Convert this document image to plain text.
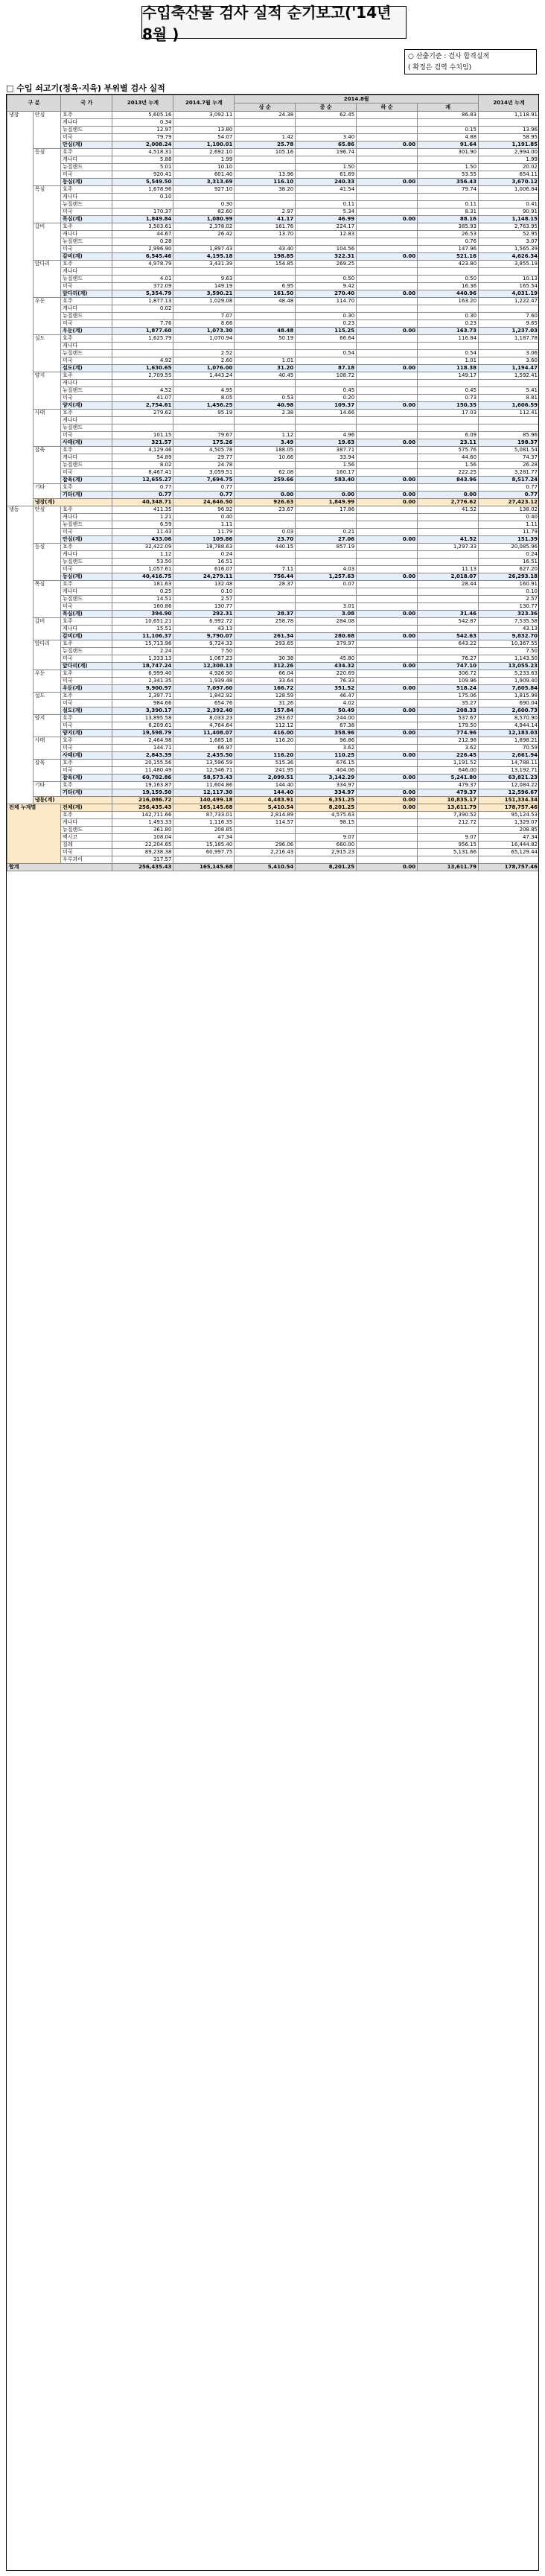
수입축산물 검사 실적 순기보고('14년 8월 )
○ 산출기준 : 검사 합격실적
( 확정은 검역 수치임)
□ 수입 쇠고기(정육·지육) 부위별 검사 실적
구 분		국 가	2013년 누계	2014.7월 누계	2014.8월				2014년 누계
					상 순	중 순	하 순	계	
냉장	안심	호주	5,605.16	3,092.11	24.38	62.45		86.83	1,118.91
		캐나다	0.34						
		뉴질랜드	12.97	13.80				0.15	13.96
		미국	79.79	54.07	1.42	3.40		4.88	58.95
		안심(계)	2,008.24	1,100.01	25.78	65.86	0.00	91.64	1,191.85
	등심	호주	4,518.31	2,692.10	105.16	196.74		301.90	2,994.00
		캐나다	5.88	1.99					1.99
		뉴질랜드	5.01	10.10		1.50		1.50	20.02
		미국	920.41	601.40	13.96	61.69		53.55	654.11
		등심(계)	5,549.50	3,313.69	116.10	240.33	0.00	356.43	3,670.12
	목심	호주	1,678.96	927.10	38.20	41.54		79.74	1,006.84
		캐나다	0.10						
		뉴질랜드		0.30		0.11		0.11	0.41
		미국	170.37	82.60	2.97	5.34		8.31	90.91
		목심(계)	1,849.84	1,080.99	41.17	46.99	0.00	88.16	1,148.15
	갈비	호주	3,503.61	2,378.02	161.76	224.17		385.93	2,763.95
		캐나다	44.67	26.42	13.70	12.83		26.53	52.95
		뉴질랜드	0.28					0.76	3.07
		미국	2,996.90	1,897.43	43.40	104.56		147.96	1,565.39
		갈비(계)	6,545.46	4,195.18	198.85	322.31	0.00	521.16	4,626.34
	앞다리	호주	4,978.79	3,431.39	154.85	269.25		423.80	3,855.19
		캐나다							
		뉴질랜드	4.01	9.63		0.50		0.50	10.13
		미국	372.09	149.19	6.95	9.42		16.36	165.54
		앞다리(계)	5,354.79	3,590.21	161.50	270.40	0.00	440.96	4,031.19
	우둔	호주	1,877.13	1,029.08	48.48	114.70		163.20	1,222.47
		캐나다	0.02						
		뉴질랜드		7.07		0.30		0.30	7.60
		미국	7.76	8.66		0.23		0.23	9.65
		우둔(계)	1,877.60	1,073.30	48.48	115.25	0.00	163.73	1,237.03
	설도	호주	1,625.79	1,070.94	50.19	66.64		116.84	1,187.78
		캐나다							
		뉴질랜드		2.52		0.54		0.54	3.06
		미국	4.92	2.60	1.01			1.01	3.60
		설도(계)	1,630.65	1,076.00	31.20	87.18	0.00	118.38	1,194.47
	양지	호주	2,709.55	1,443.24	40.45	108.72		149.17	1,592.41
		캐나다							
		뉴질랜드	4.52	4.95		0.45		0.45	5.41
		미국	41.07	8.05	0.53	0.20		0.73	8.81
		양지(계)	2,754.61	1,456.25	40.98	109.37	0.00	150.35	1,606.59
	사태	호주	279.62	95.19	2.38	14.66		17.03	112.41
		캐나다							
		뉴질랜드							
		미국	101.15	79.67	1.12	4.96		6.09	85.96
		사태(계)	321.57	175.26	3.49	19.63	0.00	23.11	198.37
	잡육	호주	4,129.46	4,505.78	188.05	387.71		575.76	5,081.54
		캐나다	54.89	29.77	10.66	33.94		44.60	74.37
		뉴질랜드	8.02	24.78		1.56		1.56	26.28
		미국	8,467.41	3,059.51	62.08	160.17		222.25	3,281.77
		잡육(계)	12,655.27	7,694.75	259.66	583.40	0.00	843.96	8,517.24
	기타	호주	0.77	0.77					0.77
		기타(계)	0.77	0.77	0.00	0.00	0.00	0.00	0.77
	냉장(계)		40,348.71	24,646.50	926.63	1,849.99	0.00	2,776.62	27,423.12
냉동	안심	호주	411.35	96.92	23.67	17.86		41.52	138.02
		캐나다	1.21	0.40					0.40
		뉴질랜드	6.59	1.11					1.11
		미국	11.43	11.79	0.03	0.21			11.79
		안심(계)	433.06	109.86	23.70	27.06	0.00	41.52	151.39
	등심	호주	32,422.09	18,788.63	440.15	857.19		1,297.33	20,085.96
		캐나다	1.12	0.24					0.24
		뉴질랜드	53.50	16.51					16.51
		미국	1,057.61	616.07	7.11	4.03		11.13	627.20
		등심(계)	40,416.75	24,279.11	756.44	1,257.63	0.00	2,018.07	26,293.18
	목심	호주	181.63	132.48	28.37	0.07		28.44	160.91
		캐나다	0.25	0.10					0.10
		뉴질랜드	14.51	2.57					2.57
		미국	160.86	130.77		3.01			130.77
		목심(계)	394.90	292.31	28.37	3.08	0.00	31.46	323.36
	갈비	호주	10,651.21	6,992.72	258.78	284.08		542.87	7,535.58
		캐나다	15.51	43.13					43.13
		갈비(계)	11,106.37	9,790.07	261.34	280.68	0.00	542.63	9,832.70
	앞다리	호주	15,713.96	9,724.33	293.65	379.97		643.22	10,367.55
		뉴질랜드	2.24	7.50					7.50
		미국	1,333.13	1,067.23	30.38	45.80		76.27	1,143.50
		앞다리(계)	18,747.24	12,308.13	312.26	434.32	0.00	747.10	13,055.23
	우둔	호주	6,999.40	4,926.90	66.04	220.69		306.72	5,233.63
		미국	2,341.35	1,939.48	33.64	76.33		109.96	1,909.40
		우둔(계)	9,900.97	7,097.60	166.72	351.52	0.00	518.24	7,605.84
	설도	호주	2,397.71	1,842.92	128.59	46.47		175.06	1,815.98
		미국	984.66	654.76	31.26	4.02		35.27	690.04
		설도(계)	3,390.17	2,392.40	157.84	50.49	0.00	208.33	2,600.73
	양지	호주	13,895.58	8,033.23	293.67	244.00		537.67	8,570.90
		미국	6,209.61	4,764.64	112.12	67.38		179.50	4,944.14
		양지(계)	19,598.79	11,408.07	416.00	358.96	0.00	774.96	12,183.03
	사태	호주	2,464.98	1,685.18	116.20	96.86		212.98	1,898.21
		미국	144.71	66.97		3.62		3.62	70.59
		사태(계)	2,843.39	2,435.50	116.20	110.25	0.00	226.45	2,661.94
	잡육	호주	20,155.56	13,596.59	515.36	676.15		1,191.52	14,788.11
		미국	11,480.49	12,546.71	241.95	404.06		646.00	13,192.71
		잡육(계)	60,702.86	58,573.43	2,099.51	3,142.29	0.00	5,241.80	63,821.23
	기타	호주	19,163.87	11,604.86	144.40	334.97		479.37	12,084.22
		기타(계)	19,159.50	12,117.30	144.40	334.97	0.00	479.37	12,596.67
	냉동(계)		216,086.72	140,499.18	4,483.91	6,351.25	0.00	10,835.17	151,334.34
전체 누계별		전체(계)	256,435.43	165,145.68	5,410.54	8,201.25	0.00	13,611.79	178,757.46
		호주	142,711.66	87,733.01	2,814.89	4,575.63		7,390.52	95,124.53
		캐나다	1,493.33	1,116.35	114.57	98.15		212.72	1,329.07
		뉴질랜드	361.80	208.85					208.85
		멕시코	108.04	47.34		9.07		9.07	47.34
		칠레	22,204.65	15,185.40	296.06	660.00		956.15	16,444.82
		미국	89,238.38	60,997.75	2,216.43	2,915.23		5,131.66	65,129.44
		우루과이	317.57						
합계			256,435.43	165,145.68	5,410.54	8,201.25	0.00	13,611.79	178,757.46
